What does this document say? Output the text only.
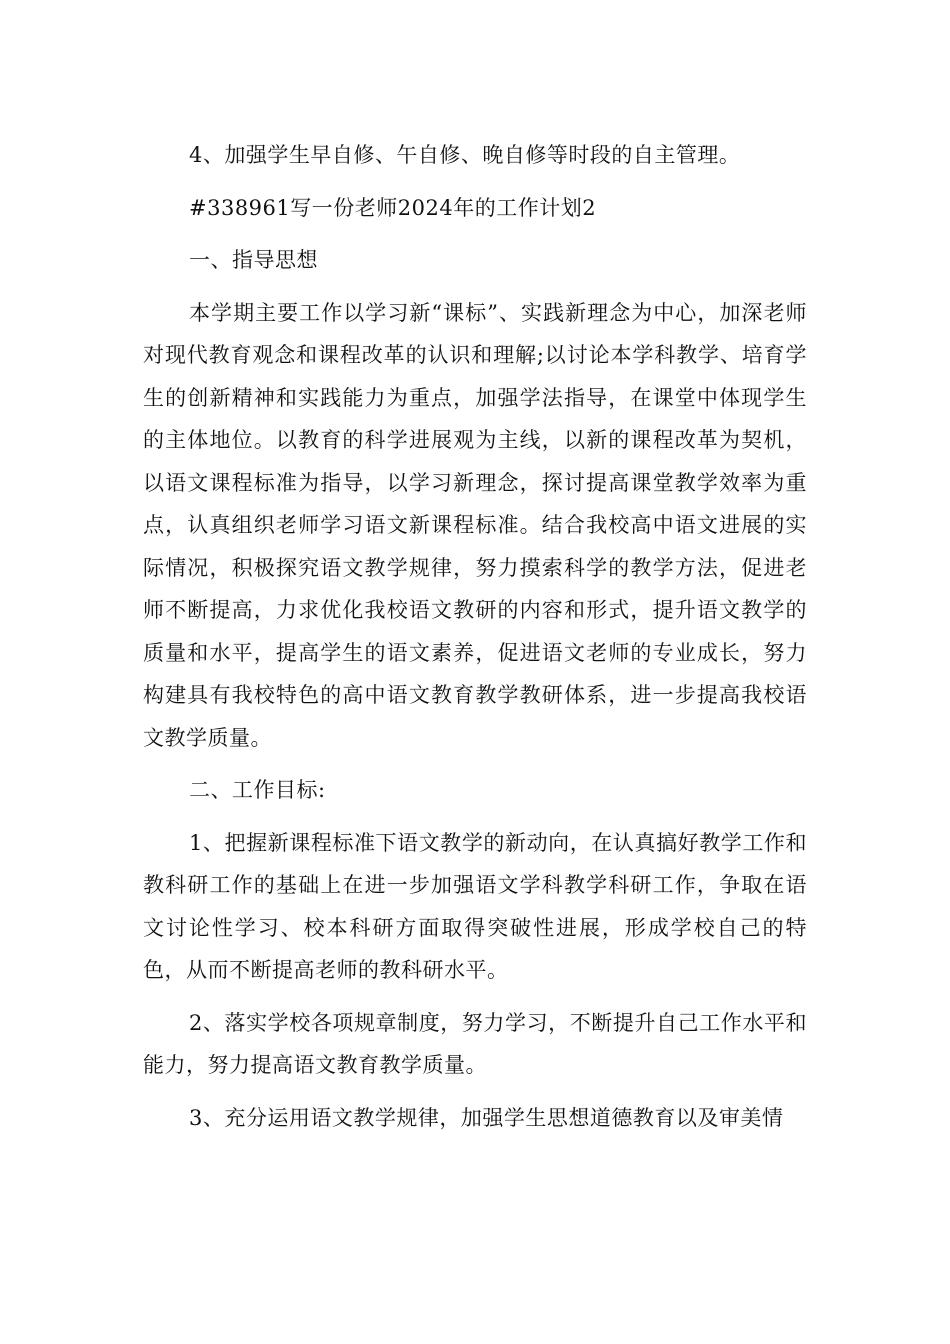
4、加强学生早自修、午自修、晚自修等时段的自主管理。

#338961写一份老师2024年的工作计划2

一、指导思想

本学期主要工作以学习新“课标”、实践新理念为中心，加深老师对现代教育观念和课程改革的认识和理解;以讨论本学科教学、培育学生的创新精神和实践能力为重点，加强学法指导，在课堂中体现学生的主体地位。以教育的科学进展观为主线，以新的课程改革为契机，以语文课程标准为指导，以学习新理念，探讨提高课堂教学效率为重点，认真组织老师学习语文新课程标准。结合我校高中语文进展的实际情况，积极探究语文教学规律，努力摸索科学的教学方法，促进老师不断提高，力求优化我校语文教研的内容和形式，提升语文教学的质量和水平，提高学生的语文素养，促进语文老师的专业成长，努力构建具有我校特色的高中语文教育教学教研体系，进一步提高我校语文教学质量。

二、工作目标:

1、把握新课程标准下语文教学的新动向，在认真搞好教学工作和教科研工作的基础上在进一步加强语文学科教学科研工作，争取在语文讨论性学习、校本科研方面取得突破性进展，形成学校自己的特色，从而不断提高老师的教科研水平。

2、落实学校各项规章制度，努力学习，不断提升自己工作水平和能力，努力提高语文教育教学质量。

3、充分运用语文教学规律，加强学生思想道德教育以及审美情
